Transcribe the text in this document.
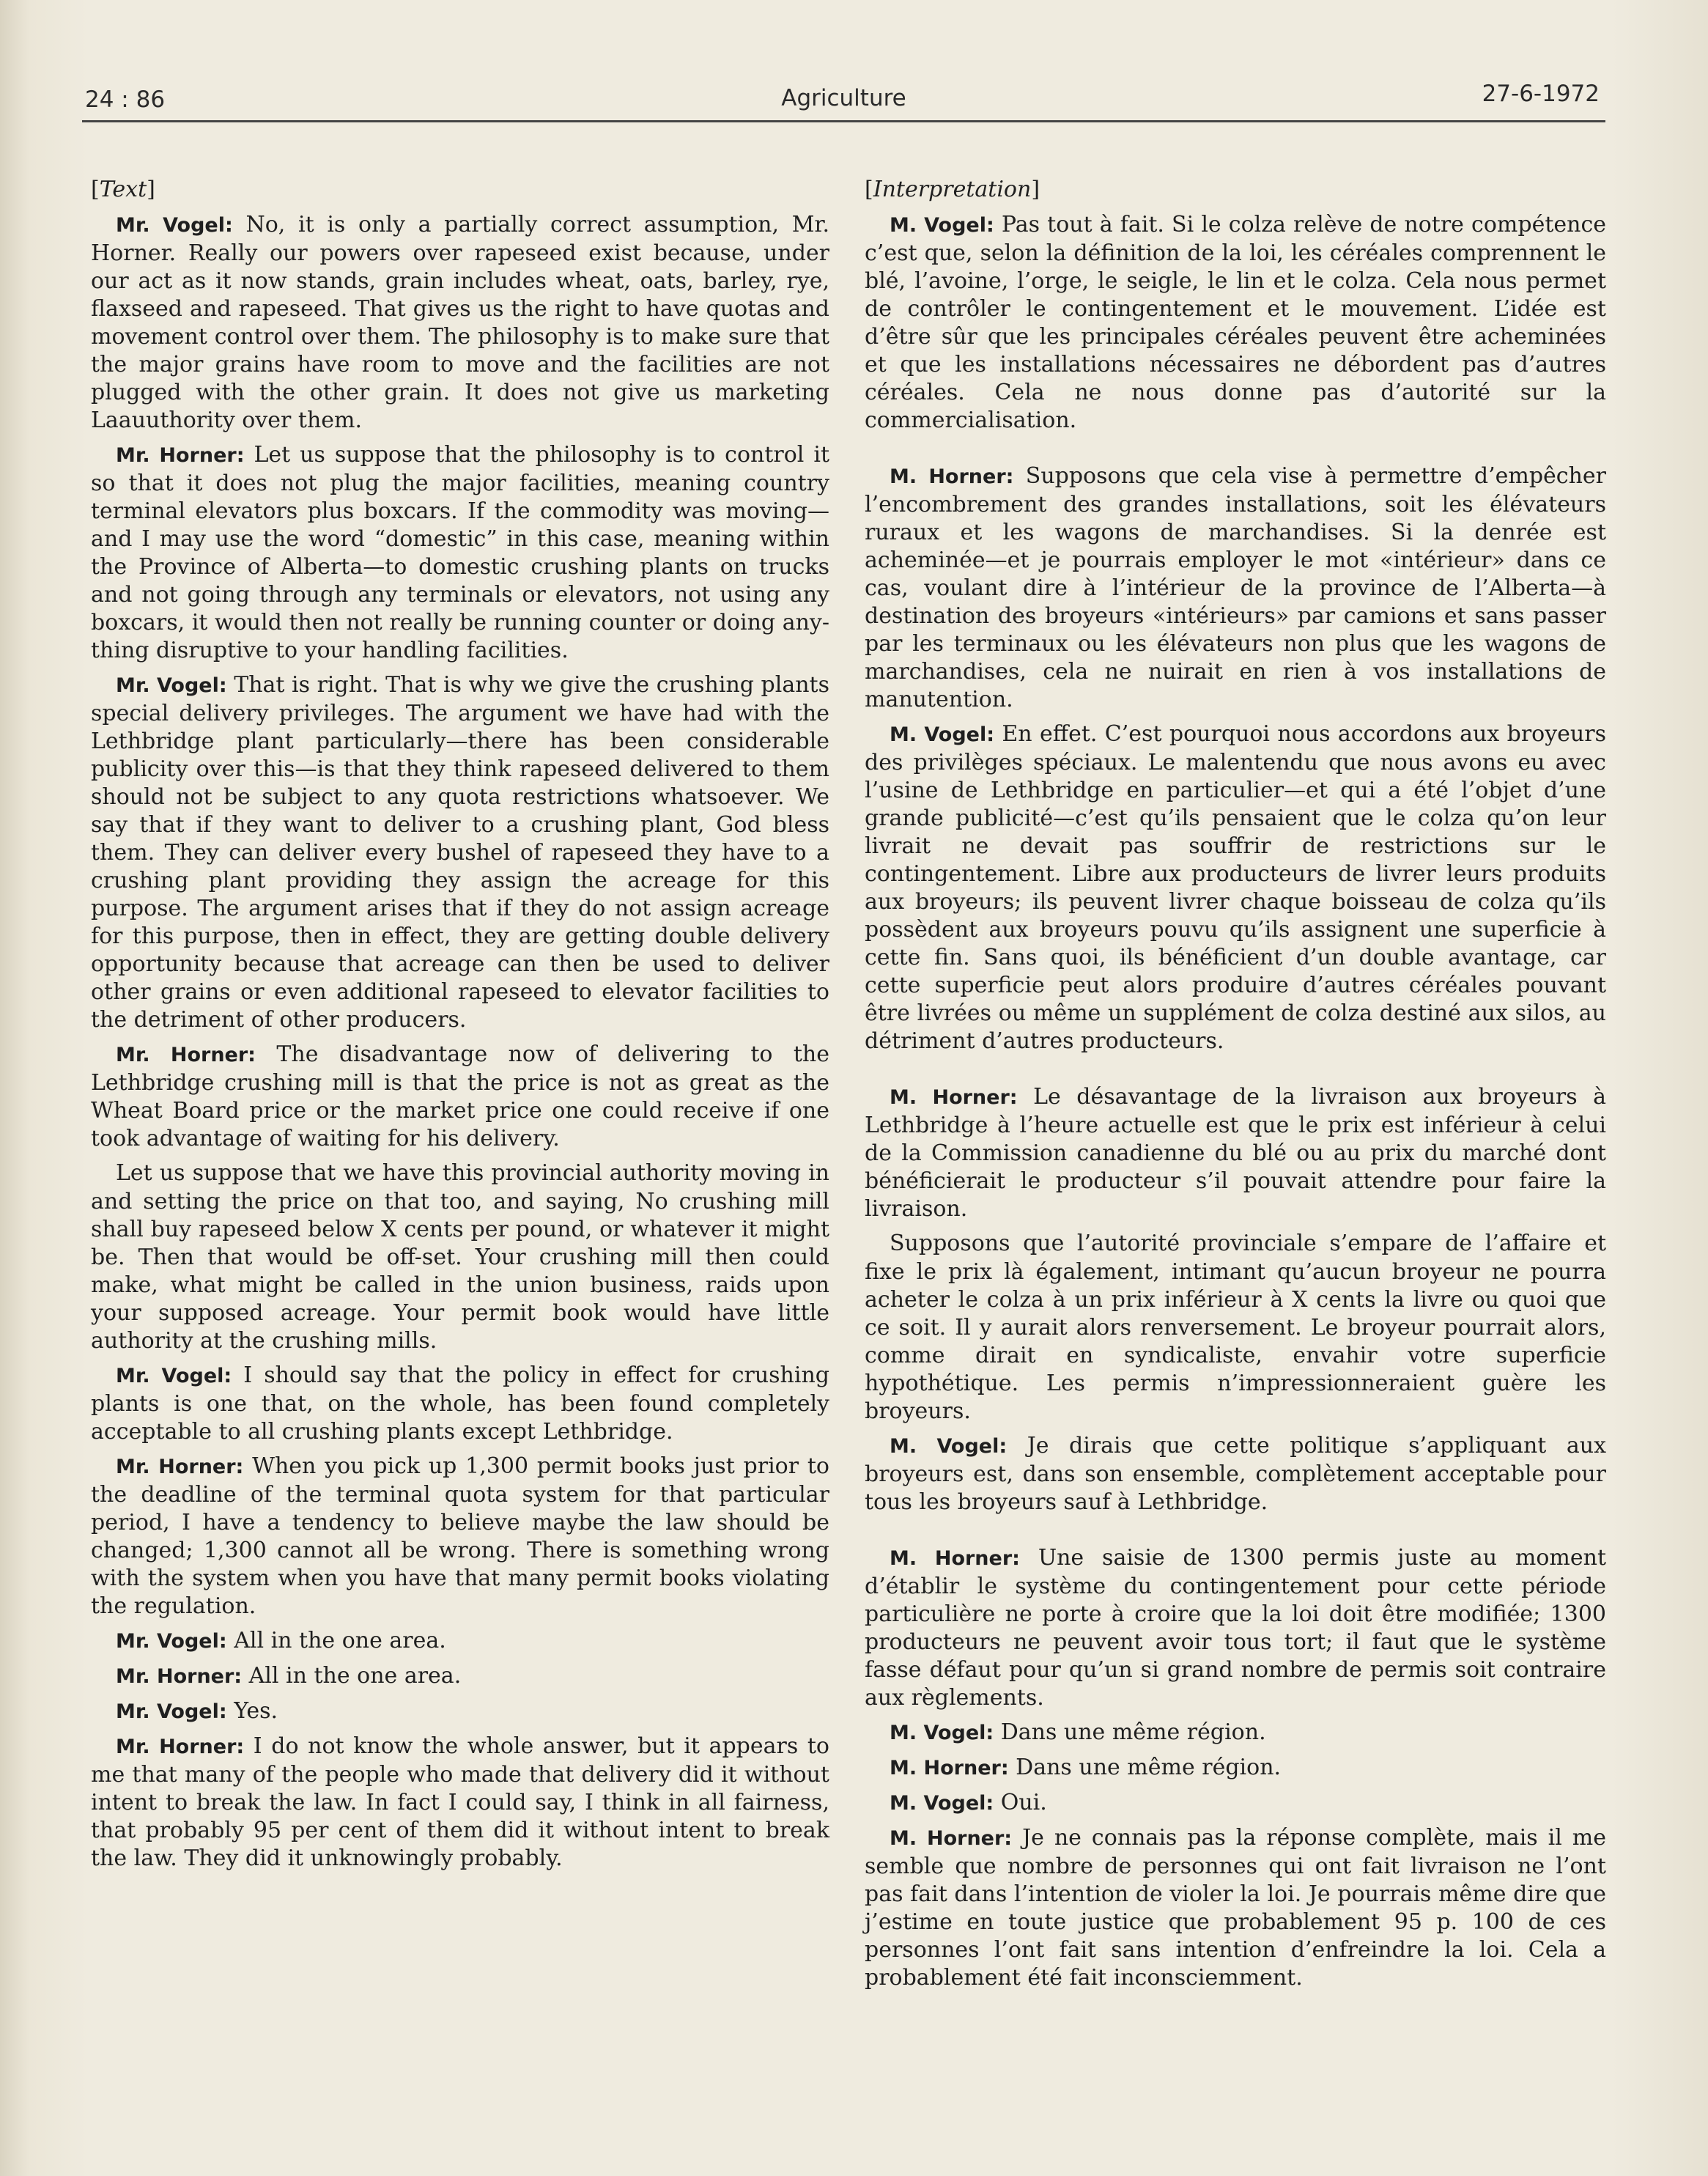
24 : 86	Agriculture	27-6-1972
[Text]

Mr. Vogel: No, it is only a partially correct assumption, Mr. Horner. Really our powers over rapeseed exist because, under our act as it now stands, grain includes wheat, oats, barley, rye, flaxseed and rapeseed. That gives us the right to have quotas and movement control over them. The philosophy is to make sure that the major grains have room to move and the facilities are not plugged with the other grain. It does not give us marketing Laauuthority over them.

Mr. Horner: Let us suppose that the philosophy is to control it so that it does not plug the major facilities, meaning country terminal elevators plus boxcars. If the commodity was moving—and I may use the word “domestic” in this case, meaning within the Province of Alberta—to domestic crushing plants on trucks and not going through any terminals or elevators, not using any boxcars, it would then not really be running counter or doing anything disruptive to your handling facilities.

Mr. Vogel: That is right. That is why we give the crushing plants special delivery privileges. The argument we have had with the Lethbridge plant particularly—there has been considerable publicity over this—is that they think rapeseed delivered to them should not be subject to any quota restrictions whatsoever. We say that if they want to deliver to a crushing plant, God bless them. They can deliver every bushel of rapeseed they have to a crushing plant providing they assign the acreage for this purpose. The argument arises that if they do not assign acreage for this purpose, then in effect, they are getting double delivery opportunity because that acreage can then be used to deliver other grains or even additional rapeseed to elevator facilities to the detriment of other producers.

Mr. Horner: The disadvantage now of delivering to the Lethbridge crushing mill is that the price is not as great as the Wheat Board price or the market price one could receive if one took advantage of waiting for his delivery.

Let us suppose that we have this provincial authority moving in and setting the price on that too, and saying, No crushing mill shall buy rapeseed below X cents per pound, or whatever it might be. Then that would be off-set. Your crushing mill then could make, what might be called in the union business, raids upon your supposed acreage. Your permit book would have little authority at the crushing mills.

Mr. Vogel: I should say that the policy in effect for crushing plants is one that, on the whole, has been found completely acceptable to all crushing plants except Lethbridge.

Mr. Horner: When you pick up 1,300 permit books just prior to the deadline of the terminal quota system for that particular period, I have a tendency to believe maybe the law should be changed; 1,300 cannot all be wrong. There is something wrong with the system when you have that many permit books violating the regulation.

Mr. Vogel: All in the one area.

Mr. Horner: All in the one area.

Mr. Vogel: Yes.

Mr. Horner: I do not know the whole answer, but it appears to me that many of the people who made that delivery did it without intent to break the law. In fact I could say, I think in all fairness, that probably 95 per cent of them did it without intent to break the law. They did it unknowingly probably.

[Interpretation]

M. Vogel: Pas tout à fait. Si le colza relève de notre compétence c’est que, selon la définition de la loi, les céréales comprennent le blé, l’avoine, l’orge, le seigle, le lin et le colza. Cela nous permet de contrôler le contingentement et le mouvement. L’idée est d’être sûr que les principales céréales peuvent être acheminées et que les installations nécessaires ne débordent pas d’autres céréales. Cela ne nous donne pas d’autorité sur la commercialisation.

M. Horner: Supposons que cela vise à permettre d’empêcher l’encombrement des grandes installations, soit les élévateurs ruraux et les wagons de marchandises. Si la denrée est acheminée—et je pourrais employer le mot «intérieur» dans ce cas, voulant dire à l’intérieur de la province de l’Alberta—à destination des broyeurs «intérieurs» par camions et sans passer par les terminaux ou les élévateurs non plus que les wagons de marchandises, cela ne nuirait en rien à vos installations de manutention.

M. Vogel: En effet. C’est pourquoi nous accordons aux broyeurs des privilèges spéciaux. Le malentendu que nous avons eu avec l’usine de Lethbridge en particulier—et qui a été l’objet d’une grande publicité—c’est qu’ils pensaient que le colza qu’on leur livrait ne devait pas souffrir de restrictions sur le contingentement. Libre aux producteurs de livrer leurs produits aux broyeurs; ils peuvent livrer chaque boisseau de colza qu’ils possèdent aux broyeurs pouvu qu’ils assignent une superficie à cette fin. Sans quoi, ils bénéficient d’un double avantage, car cette superficie peut alors produire d’autres céréales pouvant être livrées ou même un supplément de colza destiné aux silos, au détriment d’autres producteurs.

M. Horner: Le désavantage de la livraison aux broyeurs à Lethbridge à l’heure actuelle est que le prix est inférieur à celui de la Commission canadienne du blé ou au prix du marché dont bénéficierait le producteur s’il pouvait attendre pour faire la livraison.

Supposons que l’autorité provinciale s’empare de l’affaire et fixe le prix là également, intimant qu’aucun broyeur ne pourra acheter le colza à un prix inférieur à X cents la livre ou quoi que ce soit. Il y aurait alors renversement. Le broyeur pourrait alors, comme dirait en syndicaliste, envahir votre superficie hypothétique. Les permis n’impressionneraient guère les broyeurs.

M. Vogel: Je dirais que cette politique s’appliquant aux broyeurs est, dans son ensemble, complètement acceptable pour tous les broyeurs sauf à Lethbridge.

M. Horner: Une saisie de 1300 permis juste au moment d’établir le système du contingentement pour cette période particulière ne porte à croire que la loi doit être modifiée; 1300 producteurs ne peuvent avoir tous tort; il faut que le système fasse défaut pour qu’un si grand nombre de permis soit contraire aux règlements.

M. Vogel: Dans une même région.

M. Horner: Dans une même région.

M. Vogel: Oui.

M. Horner: Je ne connais pas la réponse complète, mais il me semble que nombre de personnes qui ont fait livraison ne l’ont pas fait dans l’intention de violer la loi. Je pourrais même dire que j’estime en toute justice que probablement 95 p. 100 de ces personnes l’ont fait sans intention d’enfreindre la loi. Cela a probablement été fait inconsciemment.
